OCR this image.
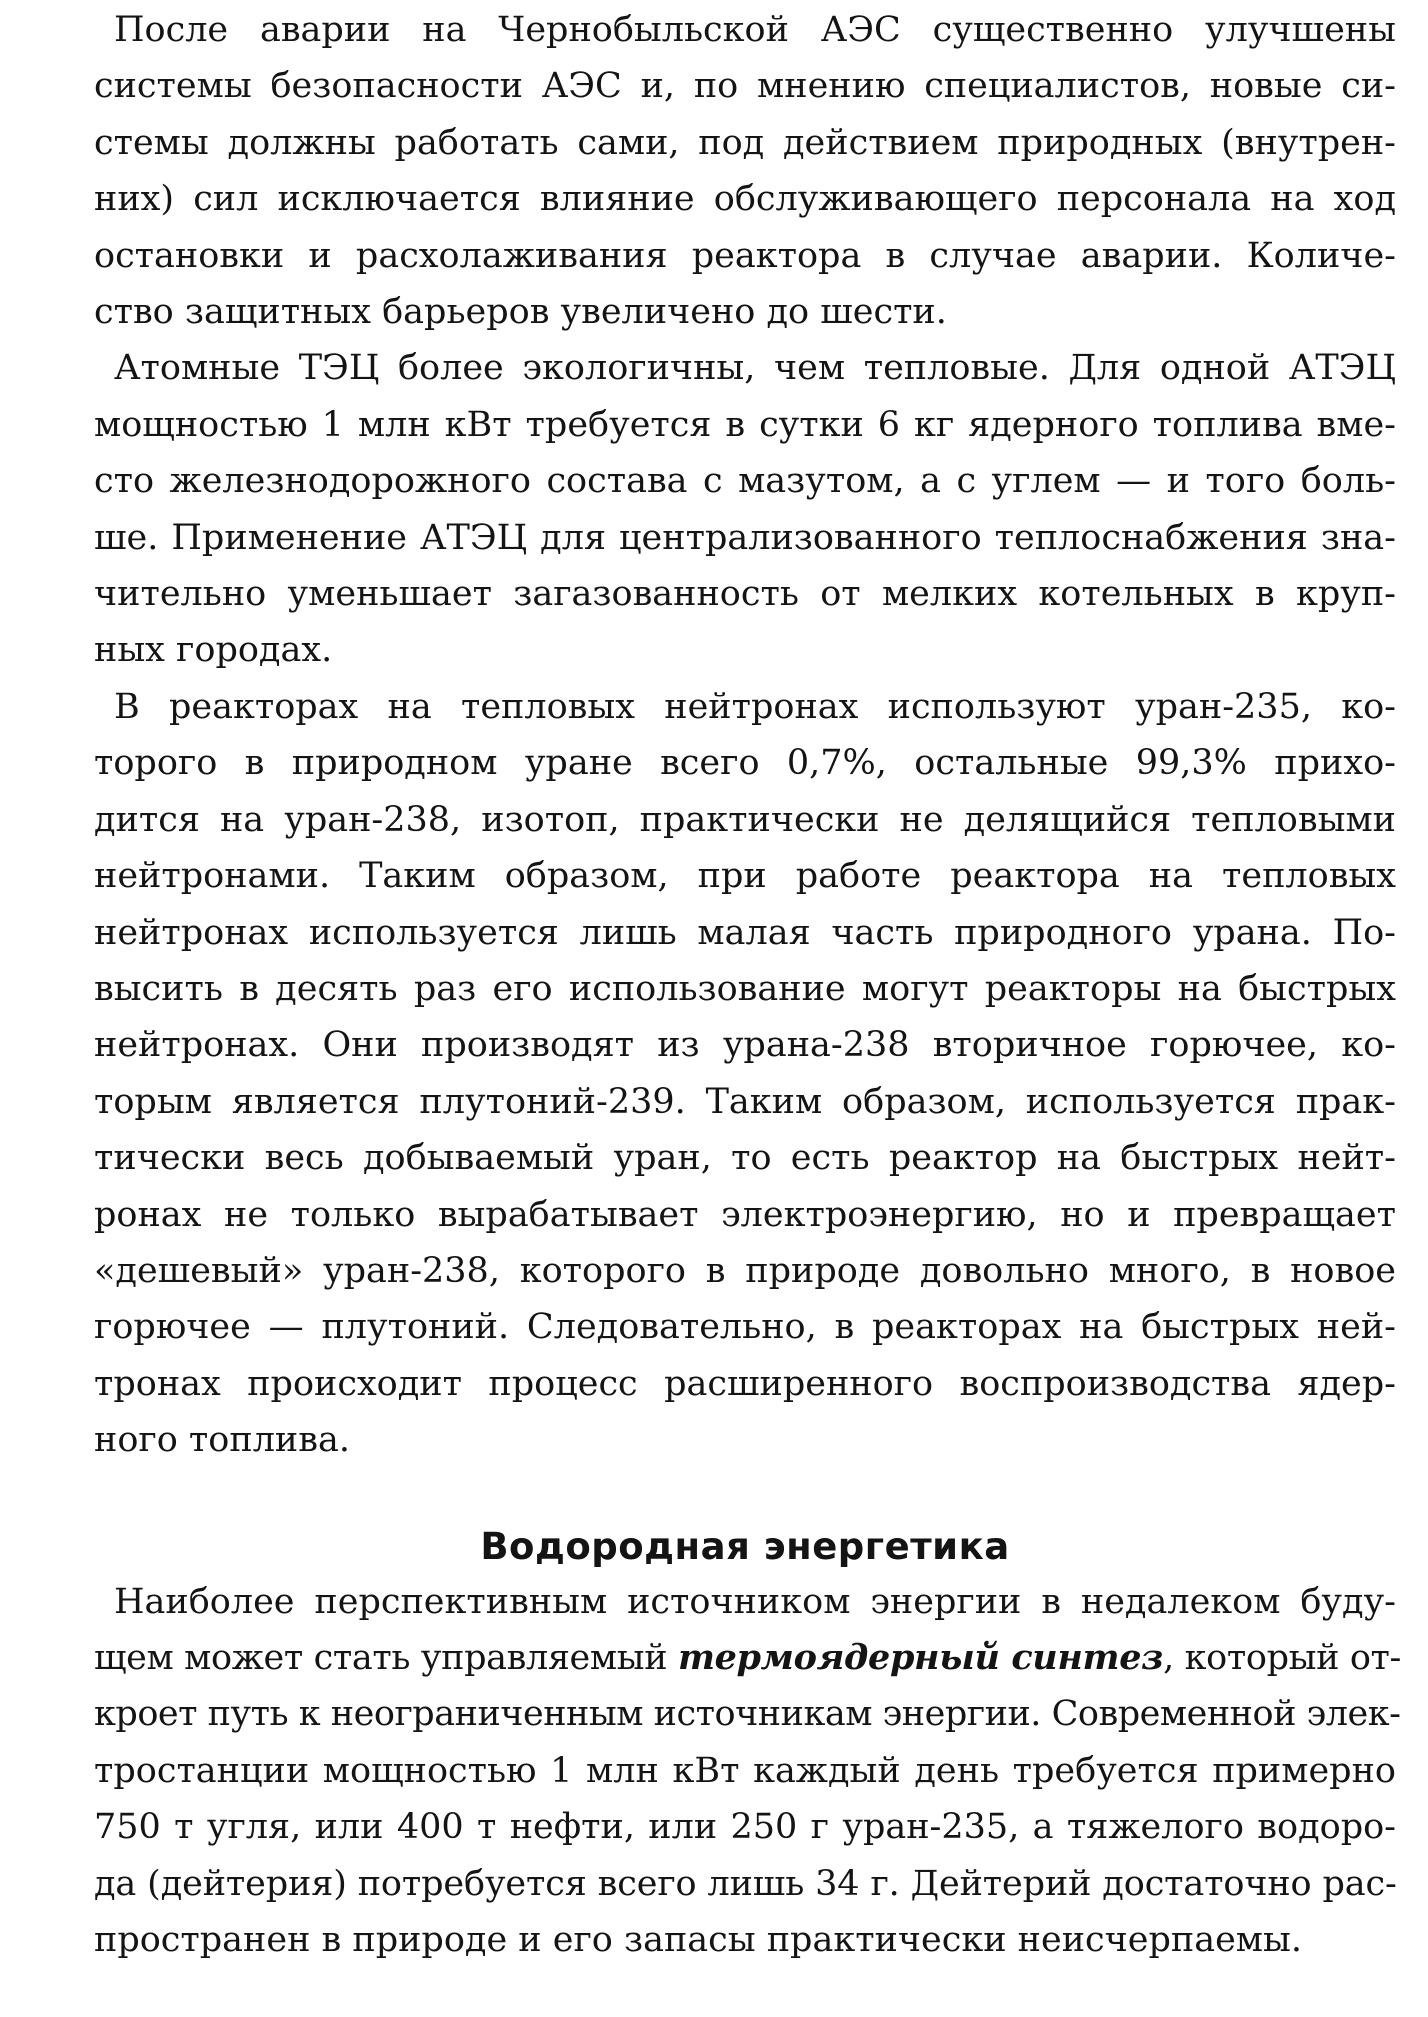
После аварии на Чернобыльской АЭС существенно улучшены
системы безопасности АЭС и, по мнению специалистов, новые си-
стемы должны работать сами, под действием природных (внутрен-
них) сил исключается влияние обслуживающего персонала на ход
остановки и расхолаживания реактора в случае аварии. Количе-
ство защитных барьеров увеличено до шести.
Атомные ТЭЦ более экологичны, чем тепловые. Для одной АТЭЦ
мощностью 1 млн кВт требуется в сутки 6 кг ядерного топлива вме-
сто железнодорожного состава с мазутом, а с углем — и того боль-
ше. Применение АТЭЦ для централизованного теплоснабжения зна-
чительно уменьшает загазованность от мелких котельных в круп-
ных городах.
В реакторах на тепловых нейтронах используют уран-235, ко-
торого в природном уране всего 0,7%, остальные 99,3% прихо-
дится на уран-238, изотоп, практически не делящийся тепловыми
нейтронами. Таким образом, при работе реактора на тепловых
нейтронах используется лишь малая часть природного урана. По-
высить в десять раз его использование могут реакторы на быстрых
нейтронах. Они производят из урана-238 вторичное горючее, ко-
торым является плутоний-239. Таким образом, используется прак-
тически весь добываемый уран, то есть реактор на быстрых нейт-
ронах не только вырабатывает электроэнергию, но и превращает
«дешевый» уран-238, которого в природе довольно много, в новое
горючее — плутоний. Следовательно, в реакторах на быстрых ней-
тронах происходит процесс расширенного воспроизводства ядер-
ного топлива.
Водородная энергетика
Наиболее перспективным источником энергии в недалеком буду-
щем может стать управляемый термоядерный синтез, который от-
кроет путь к неограниченным источникам энергии. Современной элек-
тростанции мощностью 1 млн кВт каждый день требуется примерно
750 т угля, или 400 т нефти, или 250 г уран-235, а тяжелого водоро-
да (дейтерия) потребуется всего лишь 34 г. Дейтерий достаточно рас-
пространен в природе и его запасы практически неисчерпаемы.
